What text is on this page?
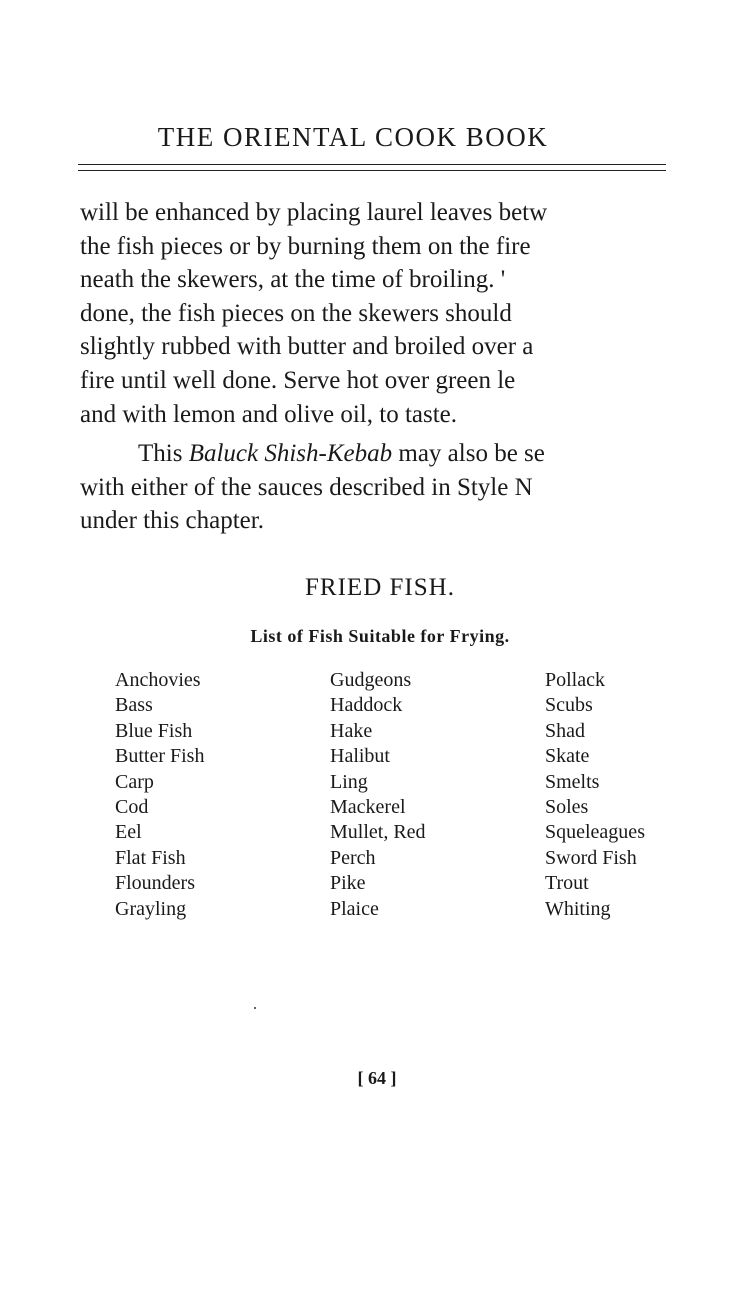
THE ORIENTAL COOK BOOK
will be enhanced by placing laurel leaves betw
the fish pieces or by burning them on the fire
neath the skewers, at the time of broiling. '
done, the fish pieces on the skewers should
slightly rubbed with butter and broiled over a
fire until well done. Serve hot over green le
and with lemon and olive oil, to taste.
This Baluck Shish-Kebab may also be se
with either of the sauces described in Style N
under this chapter.
FRIED FISH.
List of Fish Suitable for Frying.
Anchovies
Bass
Blue Fish
Butter Fish
Carp
Cod
Eel
Flat Fish
Flounders
Grayling
Gudgeons
Haddock
Hake
Halibut
Ling
Mackerel
Mullet, Red
Perch
Pike
Plaice
Pollack
Scubs
Shad
Skate
Smelts
Soles
Squeleagues
Sword Fish
Trout
Whiting
[ 64 ]
